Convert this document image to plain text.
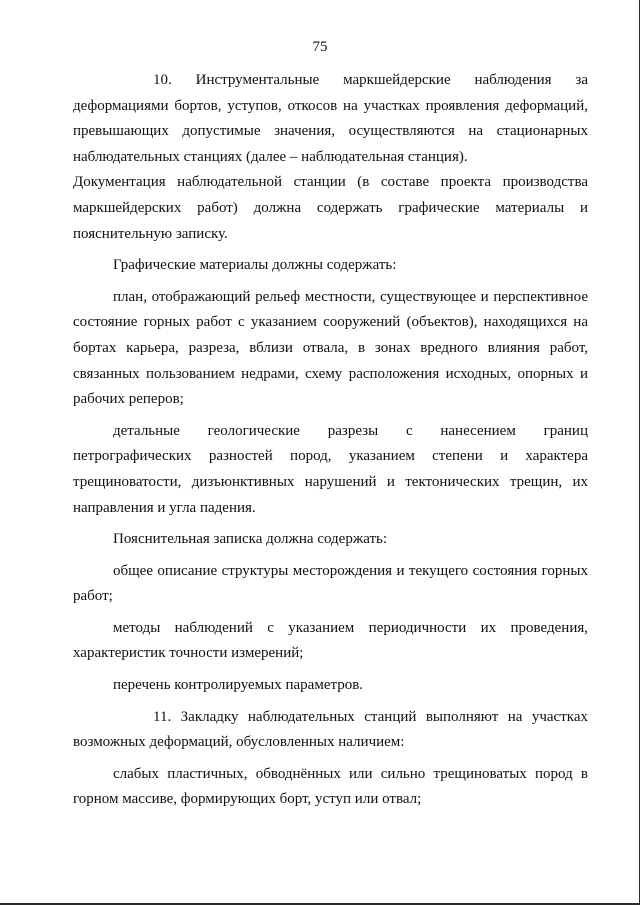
75

10. Инструментальные маркшейдерские наблюдения за деформациями бортов, уступов, откосов на участках проявления деформаций, превышающих допустимые значения, осуществляются на стационарных наблюдательных станциях (далее – наблюдательная станция).

Документация наблюдательной станции (в составе проекта производства маркшейдерских работ) должна содержать графические материалы и пояснительную записку.

Графические материалы должны содержать:

план, отображающий рельеф местности, существующее и перспективное состояние горных работ с указанием сооружений (объектов), находящихся на бортах карьера, разреза, вблизи отвала, в зонах вредного влияния работ, связанных пользованием недрами, схему расположения исходных, опорных и рабочих реперов;

детальные геологические разрезы с нанесением границ петрографических разностей пород, указанием степени и характера трещиноватости, дизъюнктивных нарушений и тектонических трещин, их направления и угла падения.

Пояснительная записка должна содержать:

общее описание структуры месторождения и текущего состояния горных работ;

методы наблюдений с указанием периодичности их проведения, характеристик точности измерений;

перечень контролируемых параметров.

11. Закладку наблюдательных станций выполняют на участках возможных деформаций, обусловленных наличием:

слабых пластичных, обводнённых или сильно трещиноватых пород в горном массиве, формирующих борт, уступ или отвал;
